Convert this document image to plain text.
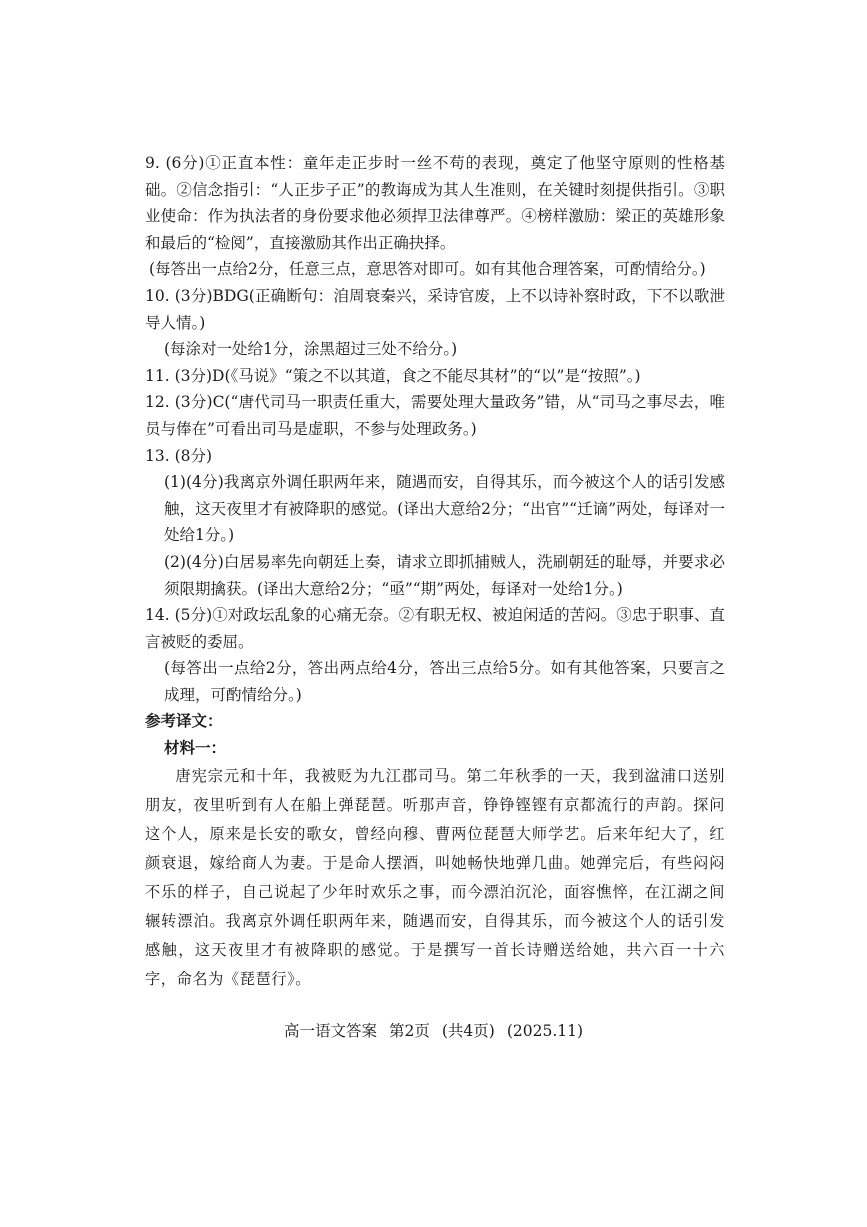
9. (6分)①正直本性：童年走正步时一丝不苟的表现，奠定了他坚守原则的性格基础。②信念指引：“人正步子正”的教诲成为其人生准则，在关键时刻提供指引。③职业使命：作为执法者的身份要求他必须捍卫法律尊严。④榜样激励：梁正的英雄形象和最后的“检阅”，直接激励其作出正确抉择。

(每答出一点给2分，任意三点，意思答对即可。如有其他合理答案，可酌情给分。)

10. (3分)BDG(正确断句：洎周衰秦兴，采诗官废，上不以诗补察时政，下不以歌泄导人情。)

(每涂对一处给1分，涂黑超过三处不给分。)

11. (3分)D(《马说》“策之不以其道，食之不能尽其材”的“以”是“按照”。)

12. (3分)C(“唐代司马一职责任重大，需要处理大量政务”错，从“司马之事尽去，唯员与俸在”可看出司马是虚职，不参与处理政务。)

13. (8分)

(1)(4分)我离京外调任职两年来，随遇而安，自得其乐，而今被这个人的话引发感触，这天夜里才有被降职的感觉。(译出大意给2分；“出官”“迁谪”两处，每译对一处给1分。)

(2)(4分)白居易率先向朝廷上奏，请求立即抓捕贼人，洗刷朝廷的耻辱，并要求必须限期擒获。(译出大意给2分；“亟”“期”两处，每译对一处给1分。)

14. (5分)①对政坛乱象的心痛无奈。②有职无权、被迫闲适的苦闷。③忠于职事、直言被贬的委屈。

(每答出一点给2分，答出两点给4分，答出三点给5分。如有其他答案，只要言之成理，可酌情给分。)

参考译文：

材料一：

唐宪宗元和十年，我被贬为九江郡司马。第二年秋季的一天，我到湓浦口送别朋友，夜里听到有人在船上弹琵琶。听那声音，铮铮铿铿有京都流行的声韵。探问这个人，原来是长安的歌女，曾经向穆、曹两位琵琶大师学艺。后来年纪大了，红颜衰退，嫁给商人为妻。于是命人摆酒，叫她畅快地弹几曲。她弹完后，有些闷闷不乐的样子，自己说起了少年时欢乐之事，而今漂泊沉沦，面容憔悴，在江湖之间辗转漂泊。我离京外调任职两年来，随遇而安，自得其乐，而今被这个人的话引发感触，这天夜里才有被降职的感觉。于是撰写一首长诗赠送给她，共六百一十六字，命名为《琵琶行》。

高一语文答案 第2页 (共4页) (2025.11)
